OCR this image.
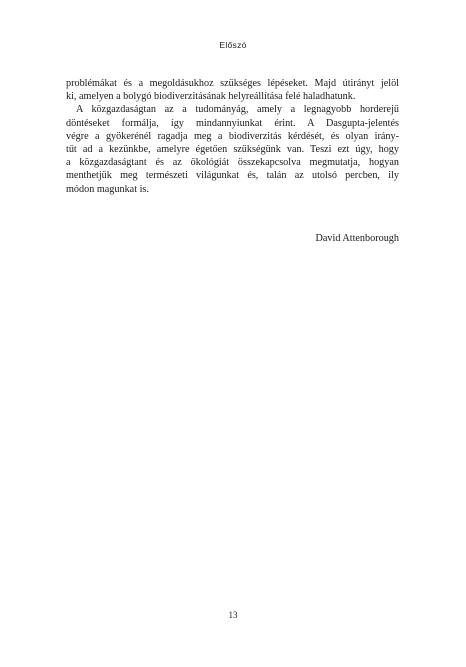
Előszó
problémákat és a megoldásukhoz szükséges lépéseket. Majd útirányt jelöl
ki, amelyen a bolygó biodiverzitásának helyreállítása felé haladhatunk.
A közgazdaságtan az a tudományág, amely a legnagyobb horderejű
döntéseket formálja, így mindannyiunkat érint. A Dasgupta-jelentés
végre a gyökerénél ragadja meg a biodiverzitás kérdését, és olyan irány-
tűt ad a kezünkbe, amelyre égetően szükségünk van. Teszi ezt úgy, hogy
a közgazdaságtant és az ökológiát összekapcsolva megmutatja, hogyan
menthetjük meg természeti világunkat és, talán az utolsó percben, ily
módon magunkat is.
David Attenborough
13
